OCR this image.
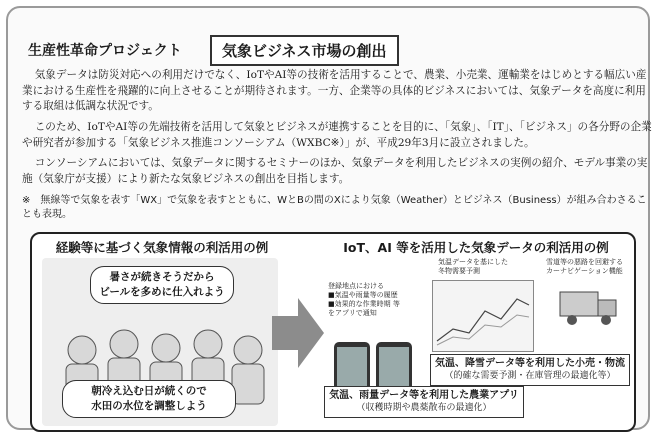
生産性革命プロジェクト	気象ビジネス市場の創出
気象データは防災対応への利用だけでなく、IoTやAI等の技術を活用することで、農業、小売業、運輸業をはじめとする幅広い産業における生産性を飛躍的に向上させることが期待されます。一方、企業等の具体的ビジネスにおいては、気象データを高度に利用する取組は低調な状況です。
このため、IoTやAI等の先端技術を活用して気象とビジネスが連携することを目的に、「気象」、「IT」、「ビジネス」の各分野の企業や研究者が参加する「気象ビジネス推進コンソーシアム（WXBC※）」が、平成29年3月に設立されました。
コンソーシアムにおいては、気象データに関するセミナーのほか、気象データを利用したビジネスの実例の紹介、モデル事業の実施（気象庁が支援）により新たな気象ビジネスの創出を目指します。
※　無線等で気象を表す「WX」で気象を表すとともに、WとBの間のXにより気象（Weather）とビジネス（Business）が組み合わさることも表現。
経験等に基づく気象情報の利活用の例	IoT、AI 等を活用した気象データの利活用の例
暑さが続きそうだから
ビールを多めに仕入れよう
朝冷え込む日が続くので
水田の水位を調整しよう
気温データを基にした
冬物需要予測
雪道等の悪路を回避する
カーナビゲーション機能
登録地点における
■気温や雨量等の履歴
■効果的な作業時期 等
をアプリで通知
気温、降雪データ等を利用した小売・物流
（的確な需要予測・在庫管理の最適化等）
気温、雨量データ等を利用した農業アプリ
（収穫時期や農薬散布の最適化）
